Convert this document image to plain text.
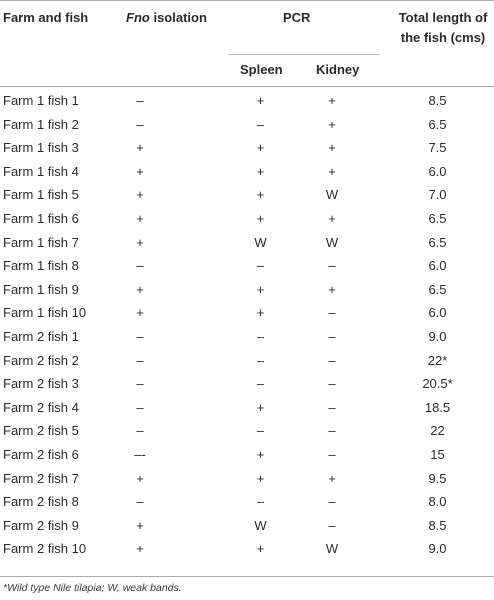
Farm and fish	Fno isolation	PCR	Total length of
the fish (cms)
Spleen	Kidney
Farm 1 fish 1	–	+	+	8.5
Farm 1 fish 2	–	–	+	6.5
Farm 1 fish 3	+	+	+	7.5
Farm 1 fish 4	+	+	+	6.0
Farm 1 fish 5	+	+	W	7.0
Farm 1 fish 6	+	+	+	6.5
Farm 1 fish 7	+	W	W	6.5
Farm 1 fish 8	–	–	–	6.0
Farm 1 fish 9	+	+	+	6.5
Farm 1 fish 10	+	+	–	6.0
Farm 2 fish 1	–	–	–	9.0
Farm 2 fish 2	–	–	–	22*
Farm 2 fish 3	–	–	–	20.5*
Farm 2 fish 4	–	+	–	18.5
Farm 2 fish 5	–	–	–	22
Farm 2 fish 6	–-	+	–	15
Farm 2 fish 7	+	+	+	9.5
Farm 2 fish 8	–	–	–	8.0
Farm 2 fish 9	+	W	–	8.5
Farm 2 fish 10	+	+	W	9.0
*Wild type Nile tilapia; W, weak bands.
